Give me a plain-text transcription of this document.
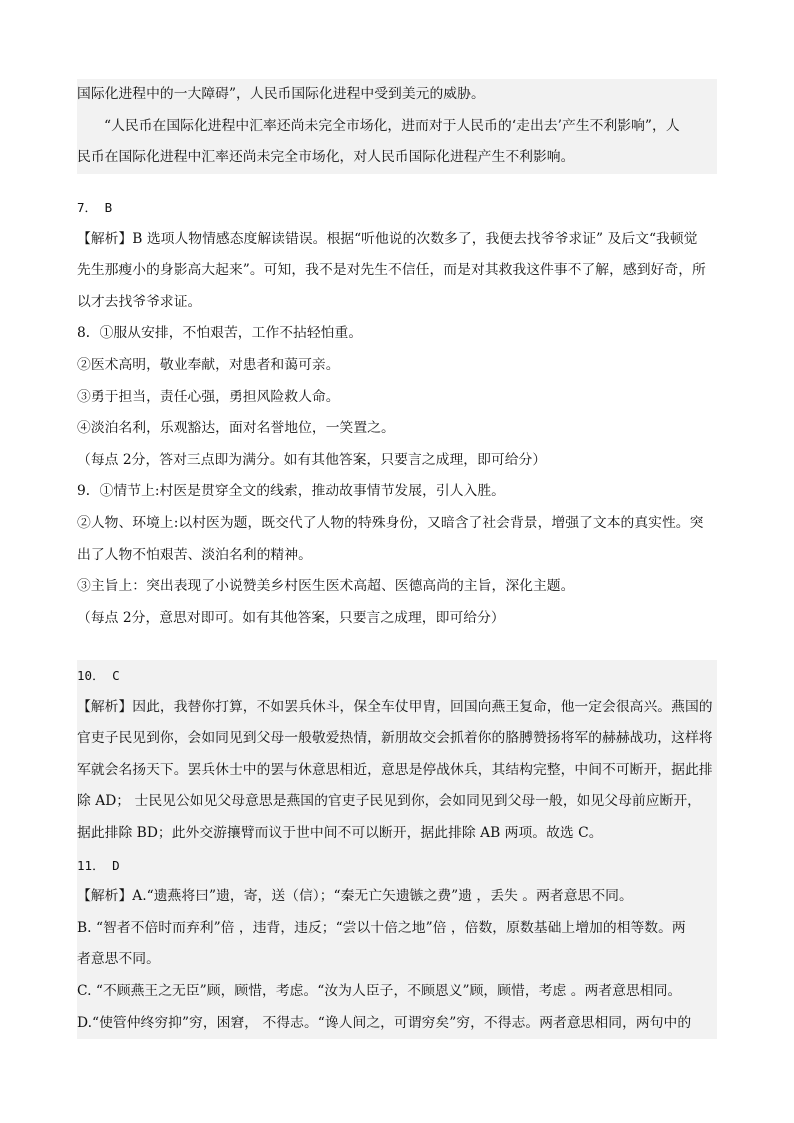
国际化进程中的一大障碍”，人民币国际化进程中受到美元的威胁。
“人民币在国际化进程中汇率还尚未完全市场化，进而对于人民币的‘走出去’产生不利影响”，人
民币在国际化进程中汇率还尚未完全市场化，对人民币国际化进程产生不利影响。
7． B
【解析】B 选项人物情感态度解读错误。根据“听他说的次数多了，我便去找爷爷求证” 及后文“我顿觉
先生那瘦小的身影高大起来”。可知，我不是对先生不信任，而是对其救我这件事不了解，感到好奇，所
以才去找爷爷求证。
8．①服从安排，不怕艰苦，工作不拈轻怕重。
②医术高明，敬业奉献，对患者和蔼可亲。
③勇于担当，责任心强，勇担风险救人命。
④淡泊名利，乐观豁达，面对名誉地位，一笑置之。
（每点 2分，答对三点即为满分。如有其他答案，只要言之成理，即可给分）
9．①情节上:村医是贯穿全文的线索，推动故事情节发展，引人入胜。
②人物、环境上:以村医为题，既交代了人物的特殊身份，又暗含了社会背景，增强了文本的真实性。突
出了人物不怕艰苦、淡泊名利的精神。
③主旨上：突出表现了小说赞美乡村医生医术高超、医德高尚的主旨，深化主题。
（每点 2分，意思对即可。如有其他答案，只要言之成理，即可给分）
10． C
【解析】因此，我替你打算，不如罢兵休斗，保全车仗甲胄，回国向燕王复命，他一定会很高兴。燕国的
官吏子民见到你，会如同见到父母一般敬爱热情，新朋故交会抓着你的胳膊赞扬将军的赫赫战功，这样将
军就会名扬天下。罢兵休士中的罢与休意思相近，意思是停战休兵，其结构完整，中间不可断开，据此排
除 AD； 士民见公如见父母意思是燕国的官吏子民见到你，会如同见到父母一般，如见父母前应断开，
据此排除 BD；此外交游攘臂而议于世中间不可以断开，据此排除 AB 两项。故选 C。
11． D
【解析】A.“遗燕将曰”遗，寄，送（信）；“秦无亡矢遗镞之费”遗 ，丢失 。两者意思不同。
B. “智者不倍时而弃利”倍 ，违背，违反；“尝以十倍之地”倍 ，倍数，原数基础上增加的相等数。两
者意思不同。
C. “不顾燕王之无臣”顾，顾惜，考虑。“汝为人臣子，不顾恩义”顾，顾惜，考虑 。两者意思相同。
D.“使管仲终穷抑”穷，困窘， 不得志。“谗人间之，可谓穷矣”穷，不得志。两者意思相同，两句中的
